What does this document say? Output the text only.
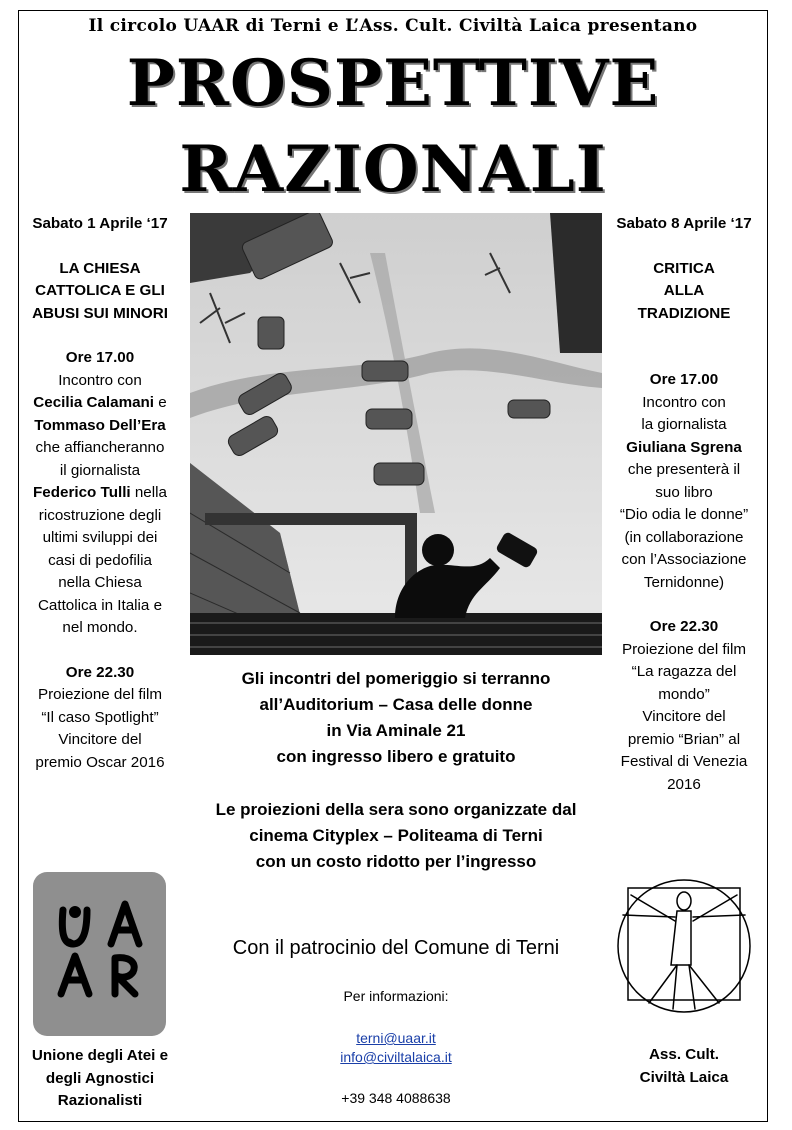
Il circolo UAAR di Terni e L’Ass. Cult. Civiltà Laica presentano
PROSPETTIVE
RAZIONALI
Sabato 1 Aprile ‘17
LA CHIESA
CATTOLICA E GLI
ABUSI SUI MINORI
Ore 17.00
Incontro con
Cecilia Calamani e
Tommaso Dell’Era
che affiancheranno
il giornalista
Federico Tulli nella
ricostruzione degli
ultimi sviluppi dei
casi di pedofilia
nella Chiesa
Cattolica in Italia e
nel mondo.
Ore 22.30
Proiezione del film
“Il caso Spotlight”
Vincitore del
premio Oscar 2016
Sabato 8 Aprile ‘17
CRITICA
ALLA
TRADIZIONE
Ore 17.00
Incontro con
la giornalista
Giuliana Sgrena
che presenterà il
suo libro
“Dio odia le donne”
(in collaborazione
con l’Associazione
Ternidonne)
Ore 22.30
Proiezione del film
“La ragazza del
mondo”
Vincitore del
premio “Brian” al
Festival di Venezia
2016
Gli incontri del pomeriggio si terranno
all’Auditorium – Casa delle donne
in Via Aminale 21
con ingresso libero e gratuito
Le proiezioni della sera sono organizzate dal
cinema Cityplex – Politeama di Terni
con un costo ridotto per l’ingresso
Con il patrocinio del Comune di Terni
Per informazioni:
terni@uaar.it
info@civiltalaica.it
+39 348 4088638
Unione degli Atei e
degli Agnostici
Razionalisti
Ass. Cult.
Civiltà Laica
